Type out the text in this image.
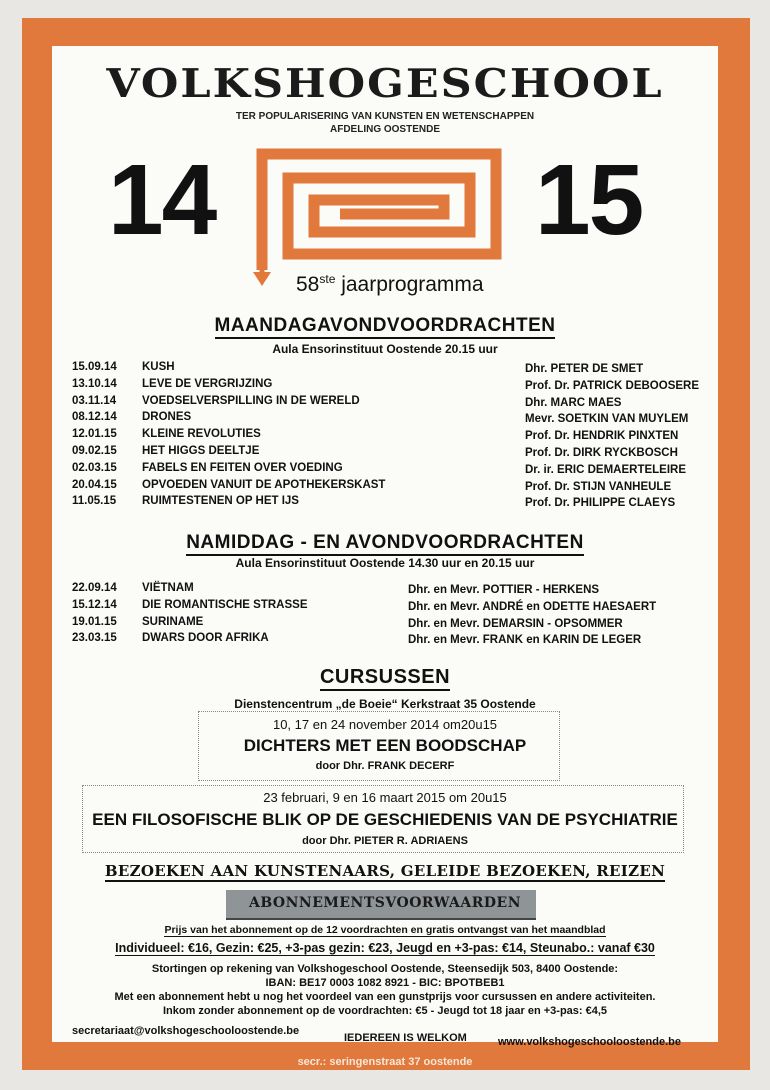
VOLKSHOGESCHOOL
TER POPULARISERING VAN KUNSTEN EN WETENSCHAPPEN
AFDELING OOSTENDE
14	15
58ste jaarprogramma
MAANDAGAVONDVOORDRACHTEN
Aula Ensorinstituut Oostende 20.15 uur
15.09.14 KUSH	Dhr. PETER DE SMET
13.10.14 LEVE DE VERGRIJZING	Prof. Dr. PATRICK DEBOOSERE
03.11.14 VOEDSELVERSPILLING IN DE WERELD	Dhr. MARC MAES
08.12.14 DRONES	Mevr. SOETKIN VAN MUYLEM
12.01.15 KLEINE REVOLUTIES	Prof. Dr. HENDRIK PINXTEN
09.02.15 HET HIGGS DEELTJE	Prof. Dr. DIRK RYCKBOSCH
02.03.15 FABELS EN FEITEN OVER VOEDING	Dr. ir. ERIC DEMAERTELEIRE
20.04.15 OPVOEDEN VANUIT DE APOTHEKERSKAST	Prof. Dr. STIJN VANHEULE
11.05.15 RUIMTESTENEN OP HET IJS	Prof. Dr. PHILIPPE CLAEYS
NAMIDDAG - EN AVONDVOORDRACHTEN
Aula Ensorinstituut Oostende 14.30 uur en 20.15 uur
22.09.14 VIËTNAM	Dhr. en Mevr. POTTIER - HERKENS
15.12.14 DIE ROMANTISCHE STRASSE	Dhr. en Mevr. ANDRÉ en ODETTE HAESAERT
19.01.15 SURINAME	Dhr. en Mevr. DEMARSIN - OPSOMMER
23.03.15 DWARS DOOR AFRIKA	Dhr. en Mevr. FRANK en KARIN DE LEGER
CURSUSSEN
Dienstencentrum „de Boeie“ Kerkstraat 35 Oostende
10, 17 en 24 november 2014 om20u15
DICHTERS MET EEN BOODSCHAP
door Dhr. FRANK DECERF
23 februari, 9 en 16 maart 2015 om 20u15
EEN FILOSOFISCHE BLIK OP DE GESCHIEDENIS VAN DE PSYCHIATRIE
door Dhr. PIETER R. ADRIAENS
BEZOEKEN AAN KUNSTENAARS, GELEIDE BEZOEKEN, REIZEN
ABONNEMENTSVOORWAARDEN
Prijs van het abonnement op de 12 voordrachten en gratis ontvangst van het maandblad
Individueel: €16, Gezin: €25, +3-pas gezin: €23, Jeugd en +3-pas: €14, Steunabo.: vanaf €30
Stortingen op rekening van Volkshogeschool Oostende, Steensedijk 503, 8400 Oostende:
IBAN: BE17 0003 1082 8921 - BIC: BPOTBEB1
Met een abonnement hebt u nog het voordeel van een gunstprijs voor cursussen en andere activiteiten.
Inkom zonder abonnement op de voordrachten: €5 - Jeugd tot 18 jaar en +3-pas: €4,5
secretariaat@volkshogeschooloostende.be
IEDEREEN IS WELKOM	www.volkshogeschooloostende.be
secr.: seringenstraat 37 oostende
